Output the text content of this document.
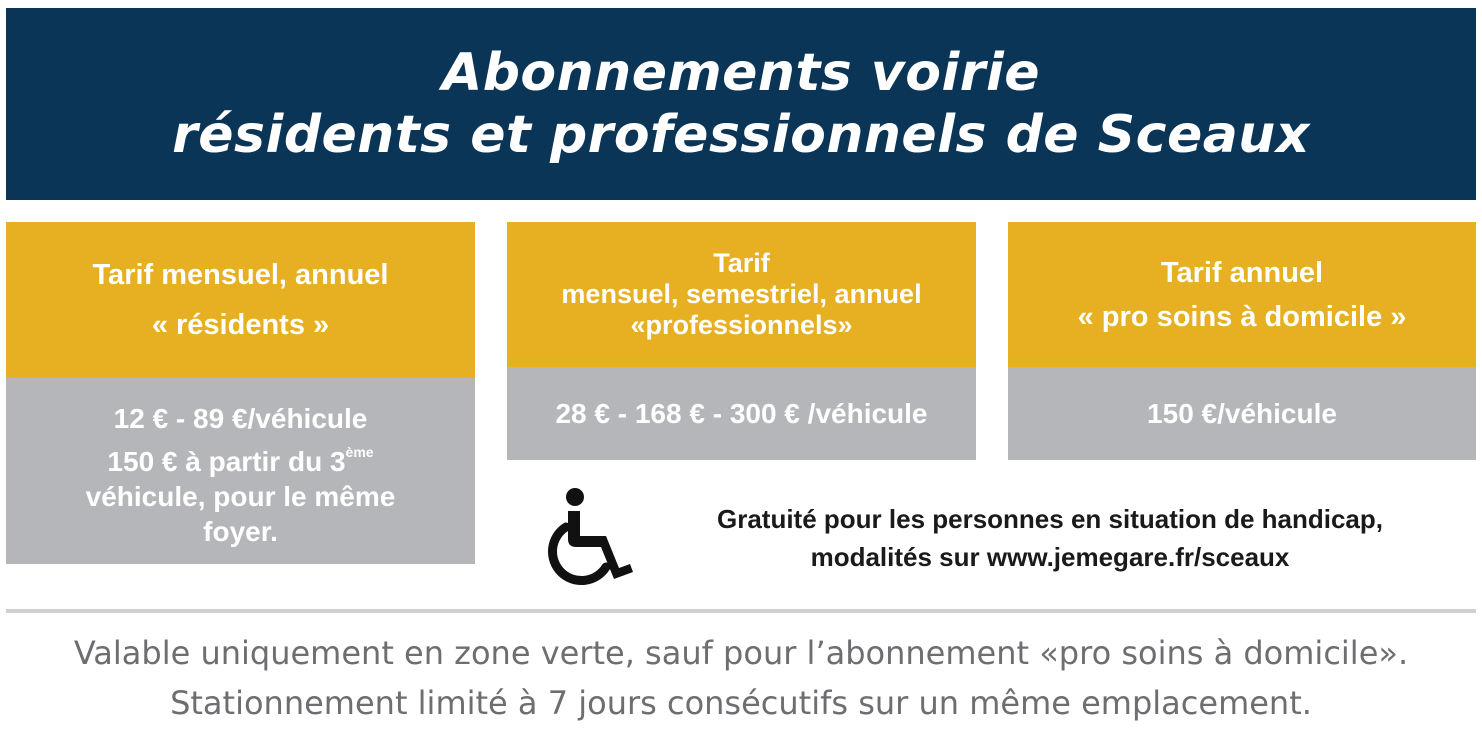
Abonnements voirie
résidents et professionnels de Sceaux
Tarif mensuel, annuel
« résidents »
12 € - 89 €/véhicule
150 € à partir du 3ème
véhicule, pour le même
foyer.
Tarif
mensuel, semestriel, annuel
«professionnels»
28 € - 168 € - 300 € /véhicule
Tarif annuel
« pro soins à domicile »
150 €/véhicule
Gratuité pour les personnes en situation de handicap,
modalités sur www.jemegare.fr/sceaux
Valable uniquement en zone verte, sauf pour l’abonnement «pro soins à domicile».
Stationnement limité à 7 jours consécutifs sur un même emplacement.
